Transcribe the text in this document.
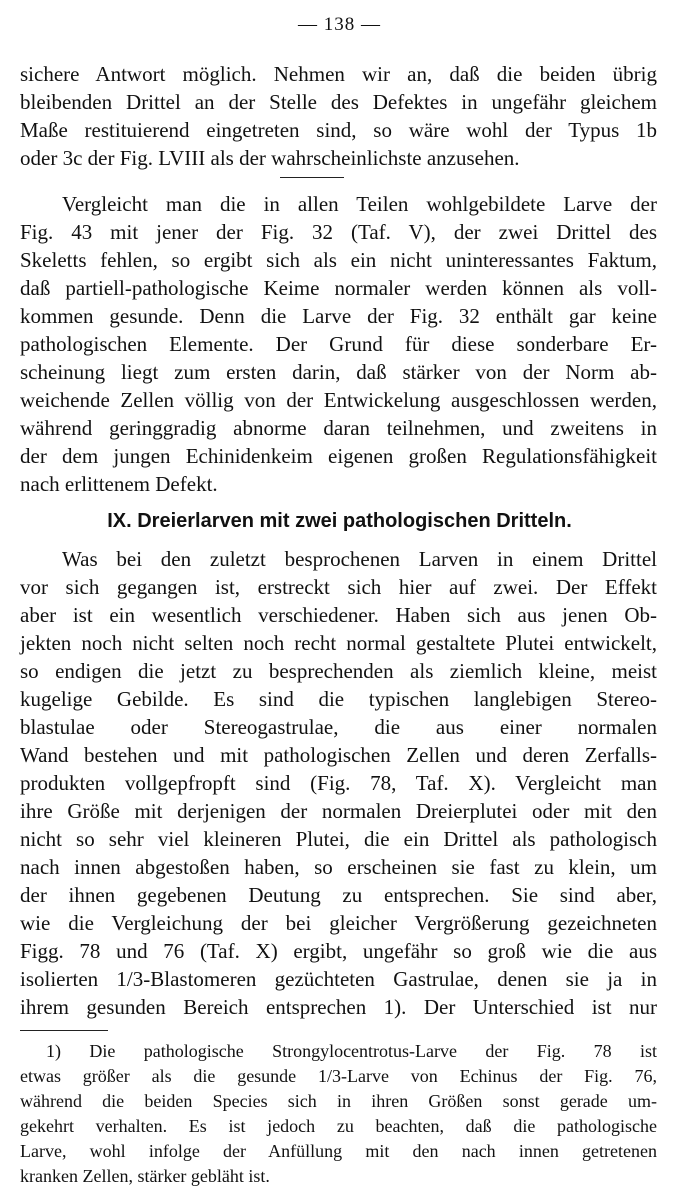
— 138 —
sichere Antwort möglich. Nehmen wir an, daß die beiden übrig
bleibenden Drittel an der Stelle des Defektes in ungefähr gleichem
Maße restituierend eingetreten sind, so wäre wohl der Typus 1b
oder 3c der Fig. LVIII als der wahrscheinlichste anzusehen.
Vergleicht man die in allen Teilen wohlgebildete Larve der
Fig. 43 mit jener der Fig. 32 (Taf. V), der zwei Drittel des
Skeletts fehlen, so ergibt sich als ein nicht uninteressantes Faktum,
daß partiell-pathologische Keime normaler werden können als voll-
kommen gesunde. Denn die Larve der Fig. 32 enthält gar keine
pathologischen Elemente. Der Grund für diese sonderbare Er-
scheinung liegt zum ersten darin, daß stärker von der Norm ab-
weichende Zellen völlig von der Entwickelung ausgeschlossen werden,
während geringgradig abnorme daran teilnehmen, und zweitens in
der dem jungen Echinidenkeim eigenen großen Regulationsfähigkeit
nach erlittenem Defekt.
IX. Dreierlarven mit zwei pathologischen Dritteln.
Was bei den zuletzt besprochenen Larven in einem Drittel
vor sich gegangen ist, erstreckt sich hier auf zwei. Der Effekt
aber ist ein wesentlich verschiedener. Haben sich aus jenen Ob-
jekten noch nicht selten noch recht normal gestaltete Plutei entwickelt,
so endigen die jetzt zu besprechenden als ziemlich kleine, meist
kugelige Gebilde. Es sind die typischen langlebigen Stereo-
blastulae oder Stereogastrulae, die aus einer normalen
Wand bestehen und mit pathologischen Zellen und deren Zerfalls-
produkten vollgepfropft sind (Fig. 78, Taf. X). Vergleicht man
ihre Größe mit derjenigen der normalen Dreierplutei oder mit den
nicht so sehr viel kleineren Plutei, die ein Drittel als pathologisch
nach innen abgestoßen haben, so erscheinen sie fast zu klein, um
der ihnen gegebenen Deutung zu entsprechen. Sie sind aber,
wie die Vergleichung der bei gleicher Vergrößerung gezeichneten
Figg. 78 und 76 (Taf. X) ergibt, ungefähr so groß wie die aus
isolierten 1/3-Blastomeren gezüchteten Gastrulae, denen sie ja in
ihrem gesunden Bereich entsprechen 1). Der Unterschied ist nur
1) Die pathologische Strongylocentrotus-Larve der Fig. 78 ist
etwas größer als die gesunde 1/3-Larve von Echinus der Fig. 76,
während die beiden Species sich in ihren Größen sonst gerade um-
gekehrt verhalten. Es ist jedoch zu beachten, daß die pathologische
Larve, wohl infolge der Anfüllung mit den nach innen getretenen
kranken Zellen, stärker gebläht ist.
